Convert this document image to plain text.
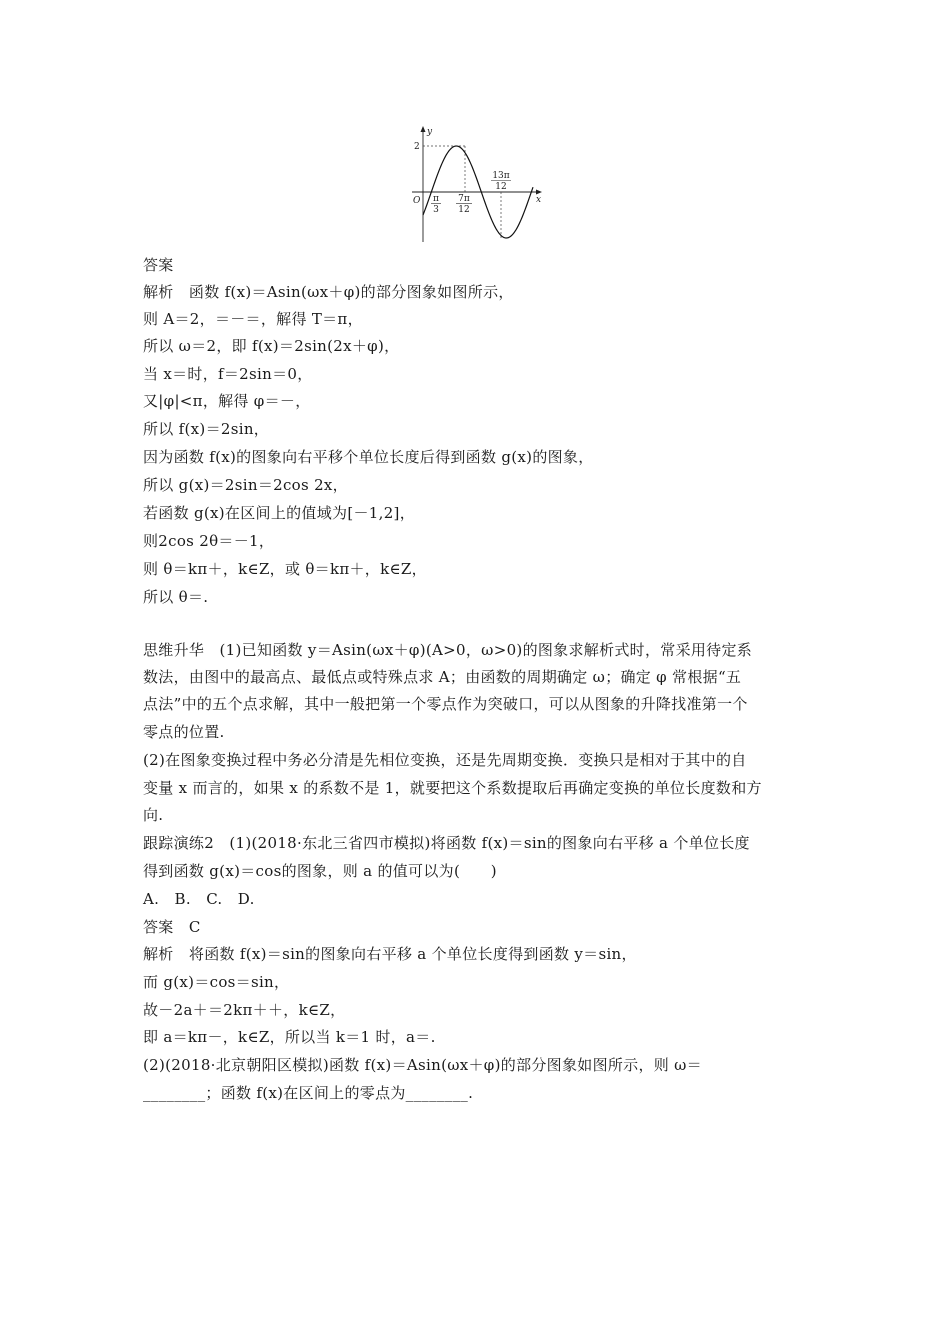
y
x
O
2
π
3
7π
12
13π
12
答案
解析　函数 f(x)＝Asin(ωx＋φ)的部分图象如图所示，
则 A＝2，＝－＝，解得 T＝π，
所以 ω＝2，即 f(x)＝2sin(2x＋φ)，
当 x＝时，f＝2sin＝0，
又|φ|<π，解得 φ＝－，
所以 f(x)＝2sin，
因为函数 f(x)的图象向右平移个单位长度后得到函数 g(x)的图象，
所以 g(x)＝2sin＝2cos 2x，
若函数 g(x)在区间上的值域为[－1,2]，
则2cos 2θ＝－1，
则 θ＝kπ＋，k∈Z，或 θ＝kπ＋，k∈Z，
所以 θ＝.
思维升华　(1)已知函数 y＝Asin(ωx＋φ)(A>0，ω>0)的图象求解析式时，常采用待定系
数法，由图中的最高点、最低点或特殊点求 A；由函数的周期确定 ω；确定 φ 常根据“五
点法”中的五个点求解，其中一般把第一个零点作为突破口，可以从图象的升降找准第一个
零点的位置.
(2)在图象变换过程中务必分清是先相位变换，还是先周期变换．变换只是相对于其中的自
变量 x 而言的，如果 x 的系数不是 1，就要把这个系数提取后再确定变换的单位长度数和方
向.
跟踪演练2　(1)(2018·东北三省四市模拟)将函数 f(x)＝sin的图象向右平移 a 个单位长度
得到函数 g(x)＝cos的图象，则 a 的值可以为(　　)
A.　B.　C.　D.
答案　C
解析　将函数 f(x)＝sin的图象向右平移 a 个单位长度得到函数 y＝sin，
而 g(x)＝cos＝sin，
故－2a＋＝2kπ＋＋，k∈Z，
即 a＝kπ－，k∈Z，所以当 k＝1 时，a＝.
(2)(2018·北京朝阳区模拟)函数 f(x)＝Asin(ωx＋φ)的部分图象如图所示，则 ω＝
________；函数 f(x)在区间上的零点为________.
